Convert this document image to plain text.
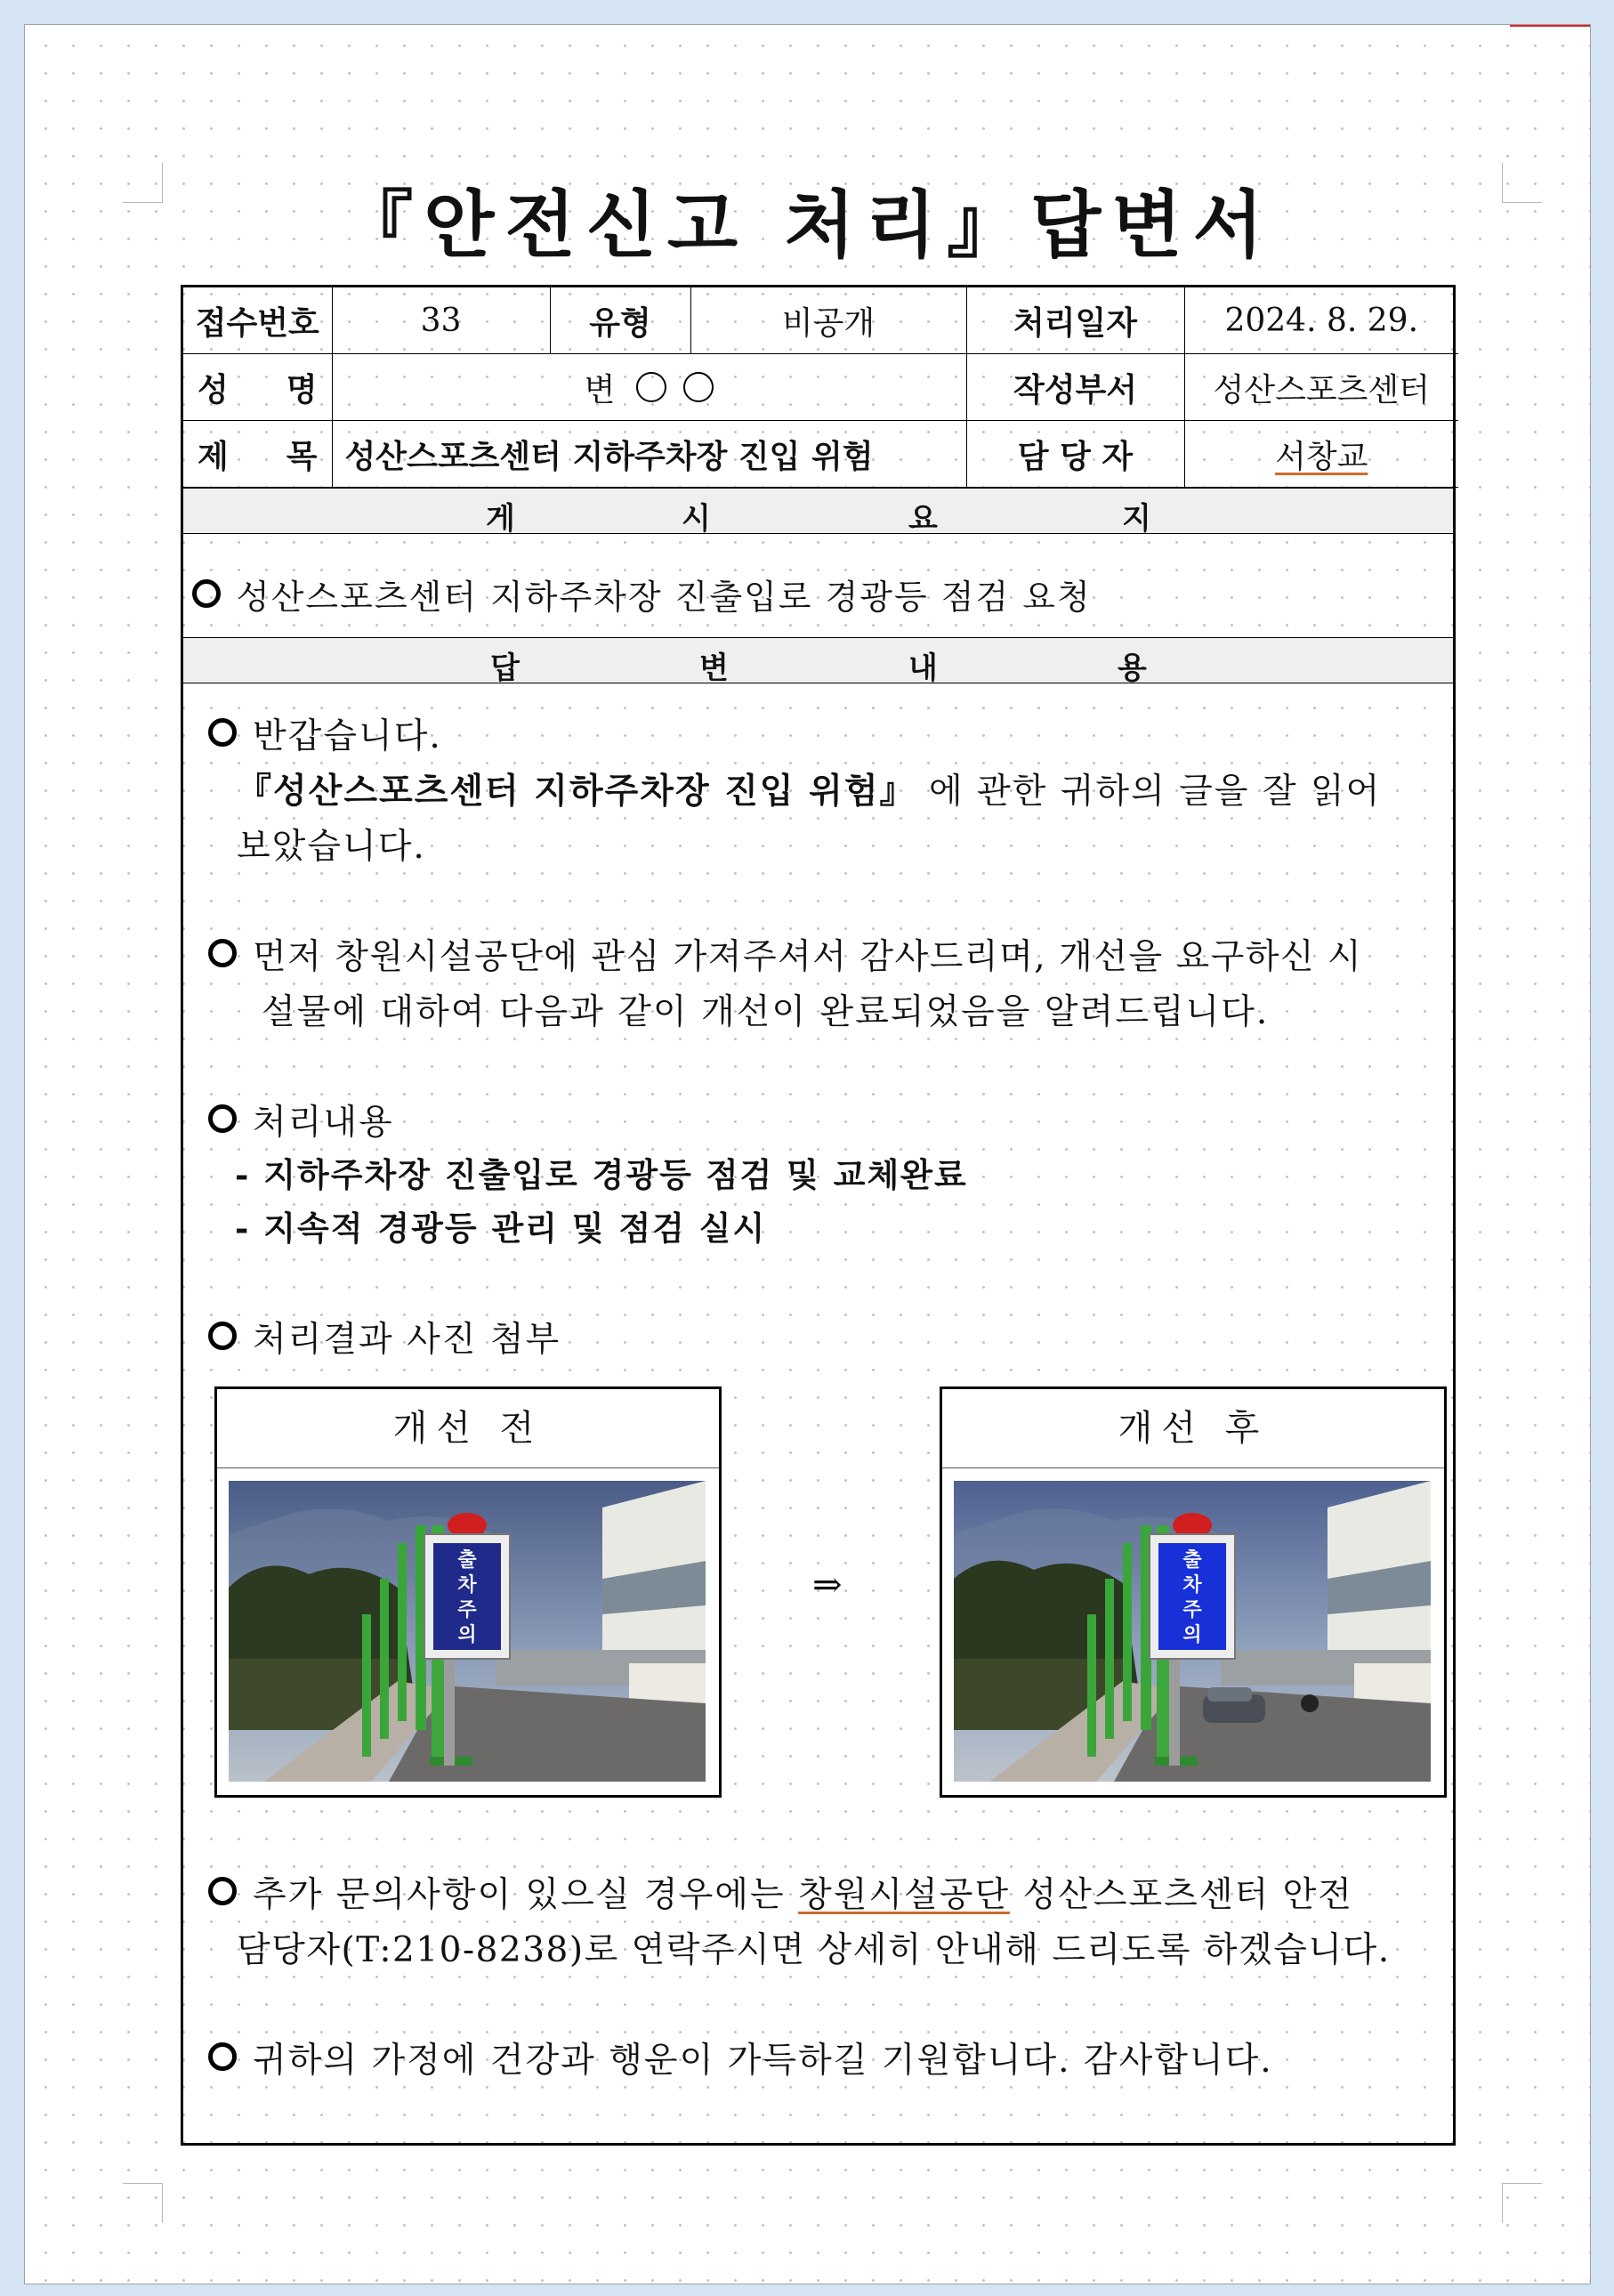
『안전신고 처리』답변서
접수번호	33	유형	비공개	처리일자	2024. 8. 29.
성 명	변			작성부서	성산스포츠센터
제 목	성산스포츠센터 지하주차장 진입 위험			담 당 자	서창교
게	시	요	지
성산스포츠센터 지하주차장 진출입로 경광등 점검 요청
답	변	내	용
반갑습니다.
『성산스포츠센터 지하주차장 진입 위험』 에 관한 귀하의 글을 잘 읽어
보았습니다.
먼저 창원시설공단에 관심 가져주셔서 감사드리며, 개선을 요구하신 시
설물에 대하여 다음과 같이 개선이 완료되었음을 알려드립니다.
처리내용
- 지하주차장 진출입로 경광등 점검 및 교체완료
- 지속적 경광등 관리 및 점검 실시
처리결과 사진 첨부
개선 전
출
차
주
의
⇒
개선 후
출
차
주
의
추가 문의사항이 있으실 경우에는 창원시설공단 성산스포츠센터 안전
담당자(T:210-8238)로 연락주시면 상세히 안내해 드리도록 하겠습니다.
귀하의 가정에 건강과 행운이 가득하길 기원합니다. 감사합니다.
